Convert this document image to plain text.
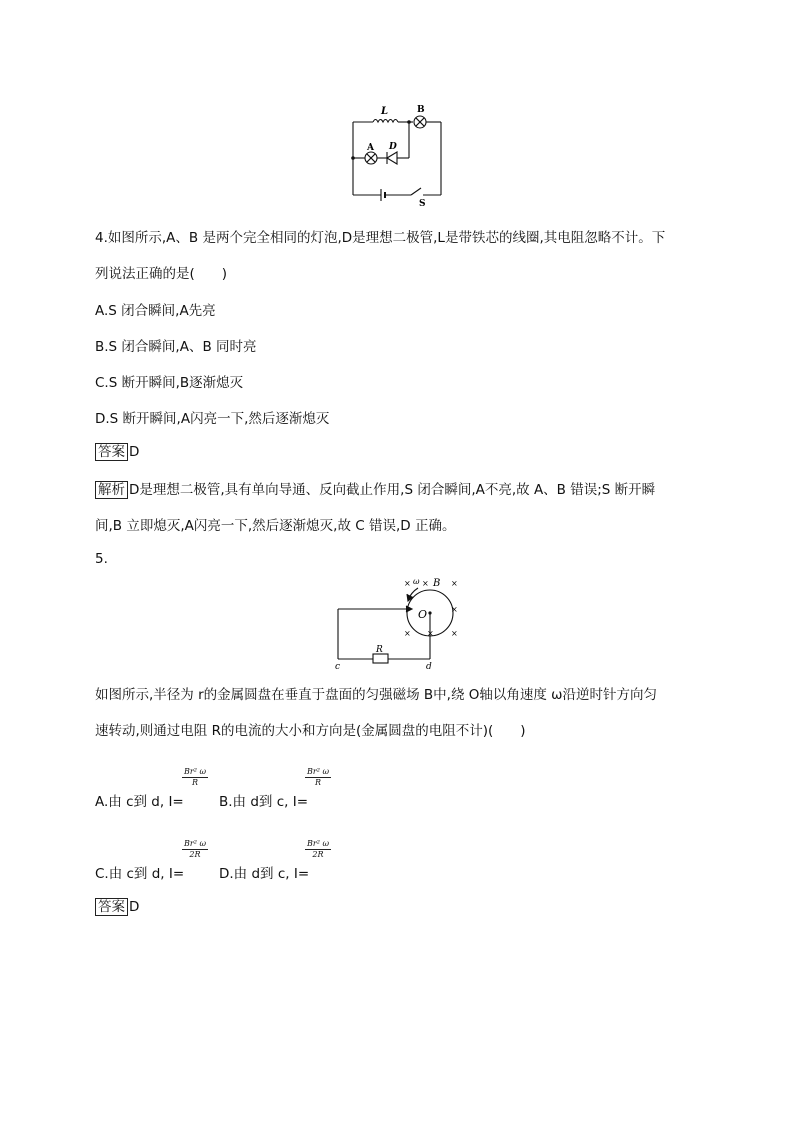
L	B
A D
S
4.如图所示,A、B 是两个完全相同的灯泡,D是理想二极管,L是带铁芯的线圈,其电阻忽略不计。下
列说法正确的是(　　)
A.S 闭合瞬间,A先亮
B.S 闭合瞬间,A、B 同时亮
C.S 断开瞬间,B逐渐熄灭
D.S 断开瞬间,A闪亮一下,然后逐渐熄灭
答案 D
解析 D是理想二极管,具有单向导通、反向截止作用,S 闭合瞬间,A不亮,故 A、B 错误;S 断开瞬
间,B 立即熄灭,A闪亮一下,然后逐渐熄灭,故 C 错误,D 正确。
5.
× ω × B ×
O	×
× × ×
R
c	d
如图所示,半径为 r的金属圆盘在垂直于盘面的匀强磁场 B中,绕 O轴以角速度 ω沿逆时针方向匀
速转动,则通过电阻 R的电流的大小和方向是(金属圆盘的电阻不计)(　　)
A.由 c到 d, I=
$\frac{\text{Br² ω}}{R}$
B.由 d到 c, I=
$\frac{\text{Br² ω}}{R}$
C.由 c到 d, I=
$\frac{\text{Br² ω}}{2R}$
D.由 d到 c, I=
$\frac{\text{Br² ω}}{2R}$
答案 D
